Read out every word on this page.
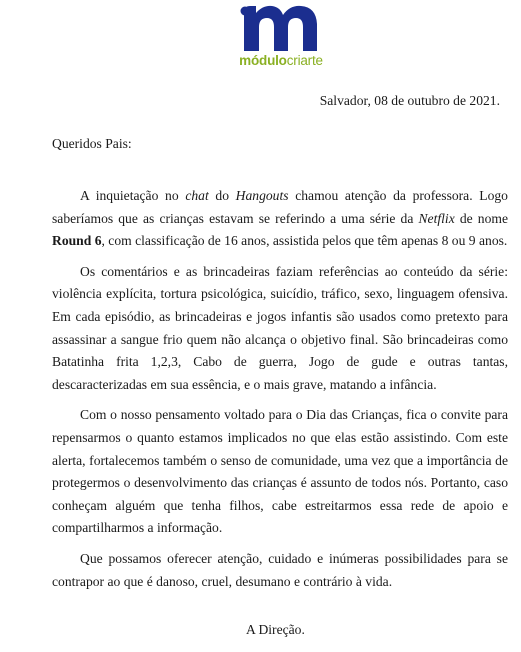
módulocriarte
Salvador, 08 de outubro de 2021.
Queridos Pais:

A inquietação no chat do Hangouts chamou atenção da professora. Logo saberíamos que as crianças estavam se referindo a uma série da Netflix de nome Round 6, com classificação de 16 anos, assistida pelos que têm apenas 8 ou 9 anos.

Os comentários e as brincadeiras faziam referências ao conteúdo da série: violência explícita, tortura psicológica, suicídio, tráfico, sexo, linguagem ofensiva. Em cada episódio, as brincadeiras e jogos infantis são usados como pretexto para assassinar a sangue frio quem não alcança o objetivo final. São brincadeiras como Batatinha frita 1,2,3, Cabo de guerra, Jogo de gude e outras tantas, descaracterizadas em sua essência, e o mais grave, matando a infância.

Com o nosso pensamento voltado para o Dia das Crianças, fica o convite para repensarmos o quanto estamos implicados no que elas estão assistindo. Com este alerta, fortalecemos também o senso de comunidade, uma vez que a importância de protegermos o desenvolvimento das crianças é assunto de todos nós. Portanto, caso conheçam alguém que tenha filhos, cabe estreitarmos essa rede de apoio e compartilharmos a informação.

Que possamos oferecer atenção, cuidado e inúmeras possibilidades para se contrapor ao que é danoso, cruel, desumano e contrário à vida.

A Direção.
